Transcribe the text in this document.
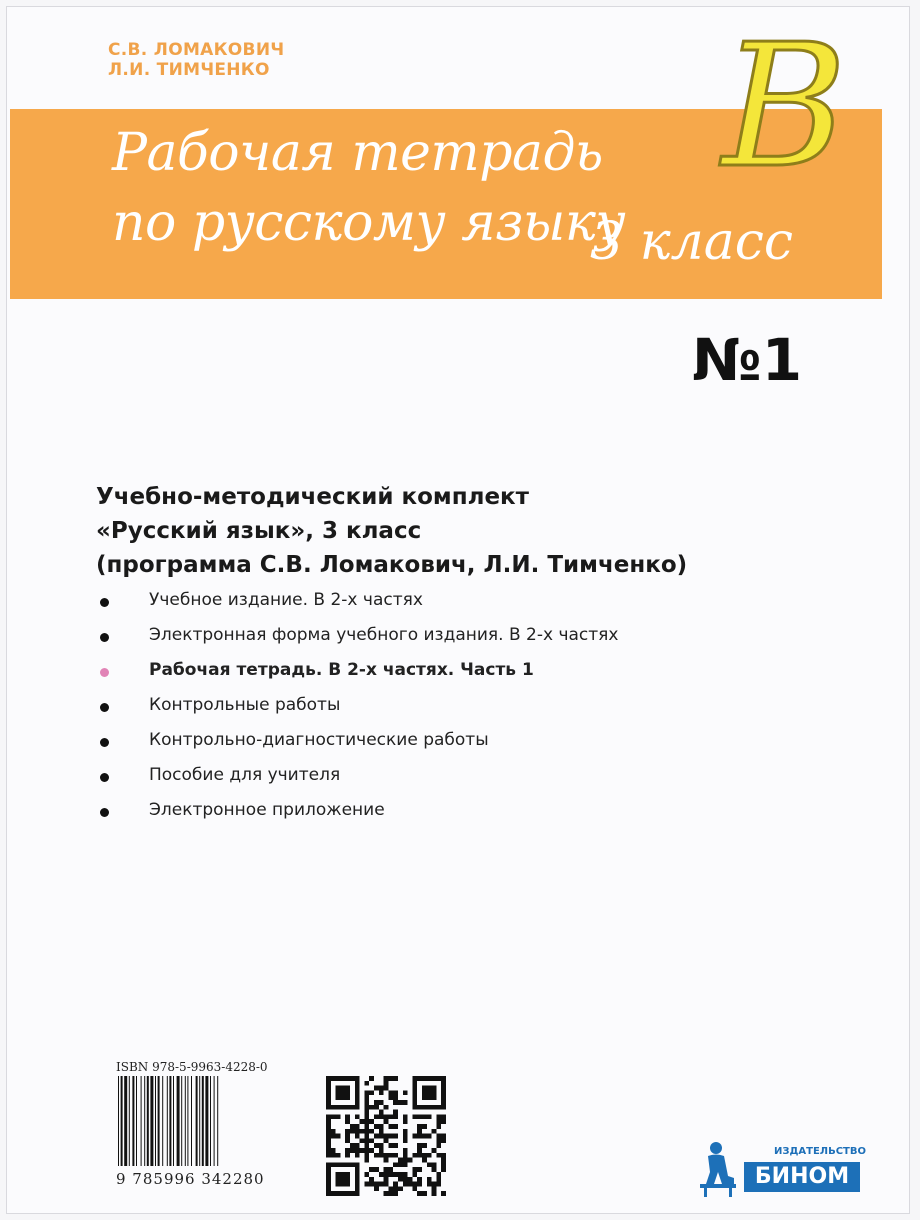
С.В. ЛОМАКОВИЧ
Л.И. ТИМЧЕНКО
Рабочая тетрадь
по русскому языку
3 класс
В
№1
Учебно-методический комплект
«Русский язык», 3 класс
(программа С.В. Ломакович, Л.И. Тимченко)
Учебное издание. В 2-х частях
Электронная форма учебного издания. В 2-х частях
Рабочая тетрадь. В 2-х частях. Часть 1
Контрольные работы
Контрольно-диагностические работы
Пособие для учителя
Электронное приложение
ISBN 978-5-9963-4228-0
9 785996 342280
ИЗДАТЕЛЬСТВО
БИНОМ
